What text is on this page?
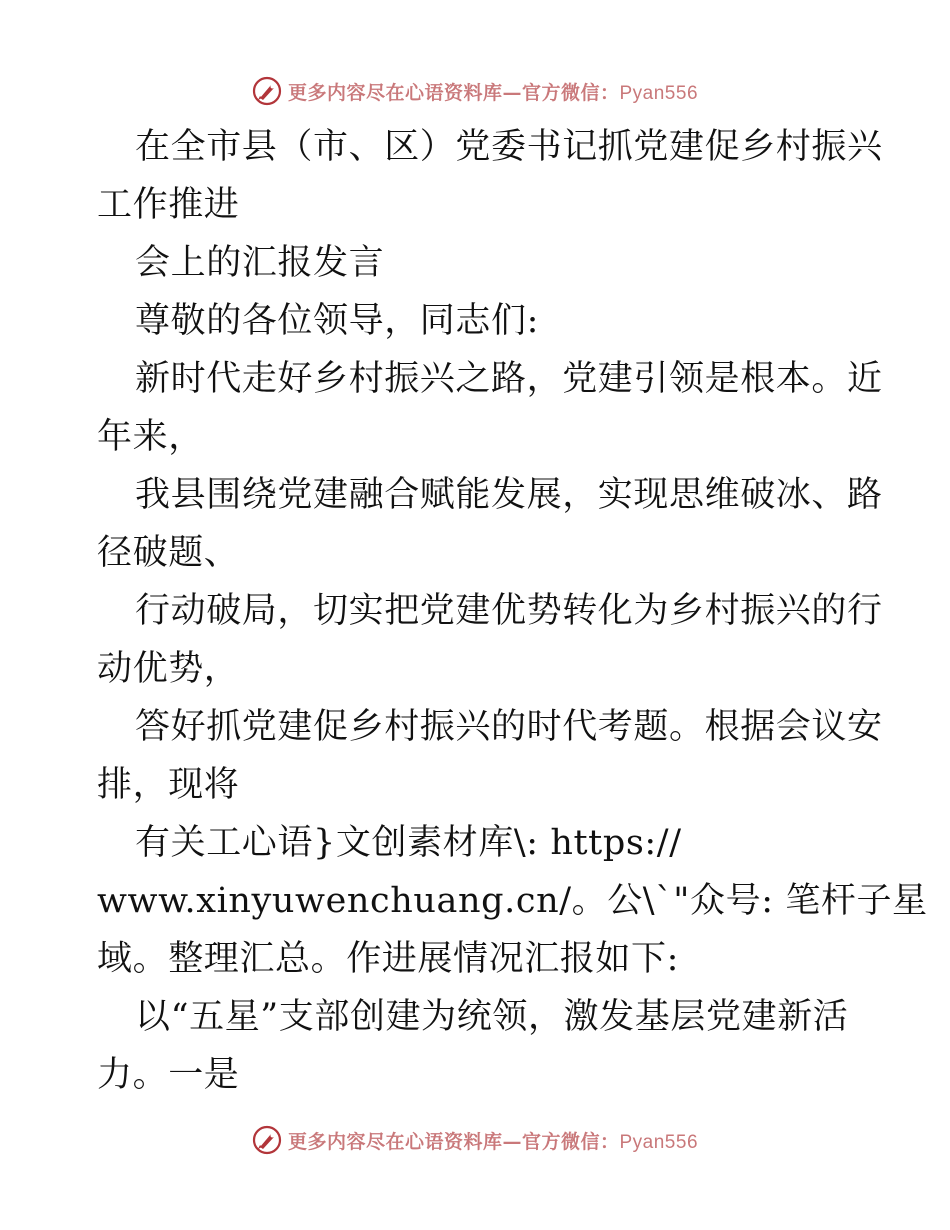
更多内容尽在心语资料库—官方微信：Pyan556
在全市县（市、区）党委书记抓党建促乡村振兴
工作推进
会上的汇报发言
尊敬的各位领导，同志们:
新时代走好乡村振兴之路，党建引领是根本。近
年来，
我县围绕党建融合赋能发展，实现思维破冰、路
径破题、
行动破局，切实把党建优势转化为乡村振兴的行
动优势，
答好抓党建促乡村振兴的时代考题。根据会议安
排，现将
有关工心语}文创素材库\: https://
www.xinyuwenchuang.cn/。公\`"众号: 笔杆子星
域。整理汇总。作进展情况汇报如下:
以“五星”支部创建为统领，激发基层党建新活
力。一是
更多内容尽在心语资料库—官方微信：Pyan556
